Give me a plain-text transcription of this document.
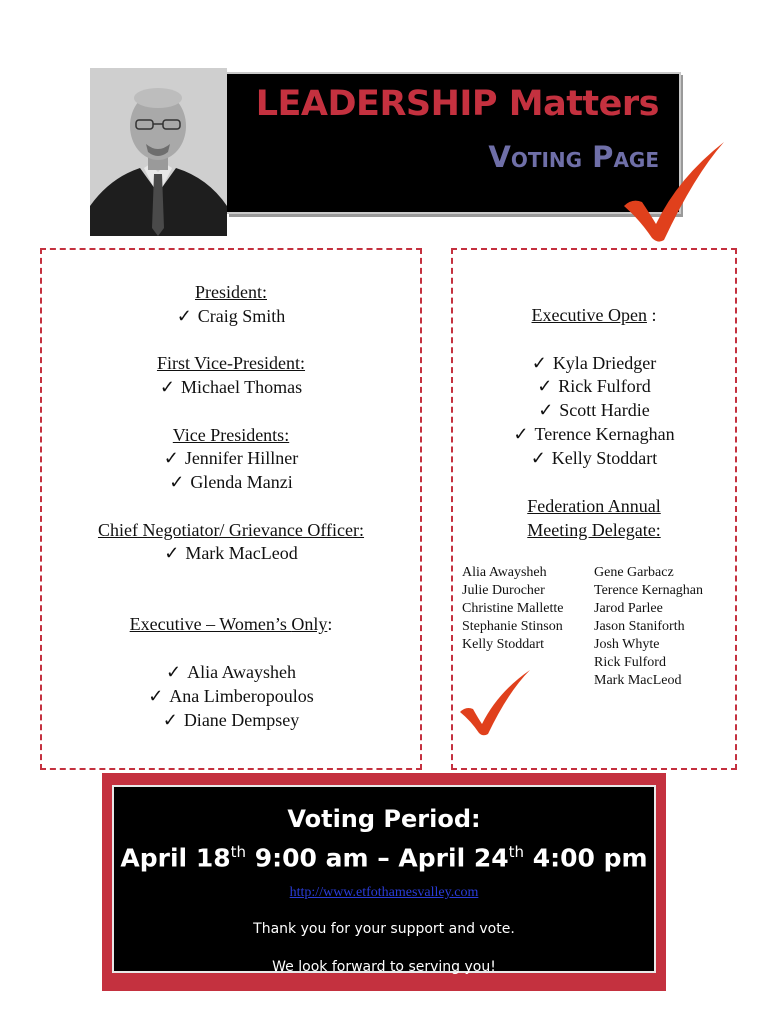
LEADERSHIP Matters
Voting Page
President:
✓ Craig Smith
First Vice-President:
✓ Michael Thomas
Vice Presidents:
✓ Jennifer Hillner
✓ Glenda Manzi
Chief Negotiator/ Grievance Officer:
✓ Mark MacLeod
Executive – Women’s Only:
✓ Alia Awaysheh
✓ Ana Limberopoulos
✓ Diane Dempsey
Executive Open :
✓ Kyla Driedger
✓ Rick Fulford
✓ Scott Hardie
✓ Terence Kernaghan
✓ Kelly Stoddart
Federation Annual
Meeting Delegate:
Alia Awaysheh
Julie Durocher
Christine Mallette
Stephanie Stinson
Kelly Stoddart
Gene Garbacz
Terence Kernaghan
Jarod Parlee
Jason Staniforth
Josh Whyte
Rick Fulford
Mark MacLeod
Voting Period:
April 18th 9:00 am – April 24th 4:00 pm
http://www.etfothamesvalley.com
Thank you for your support and vote.
We look forward to serving you!
